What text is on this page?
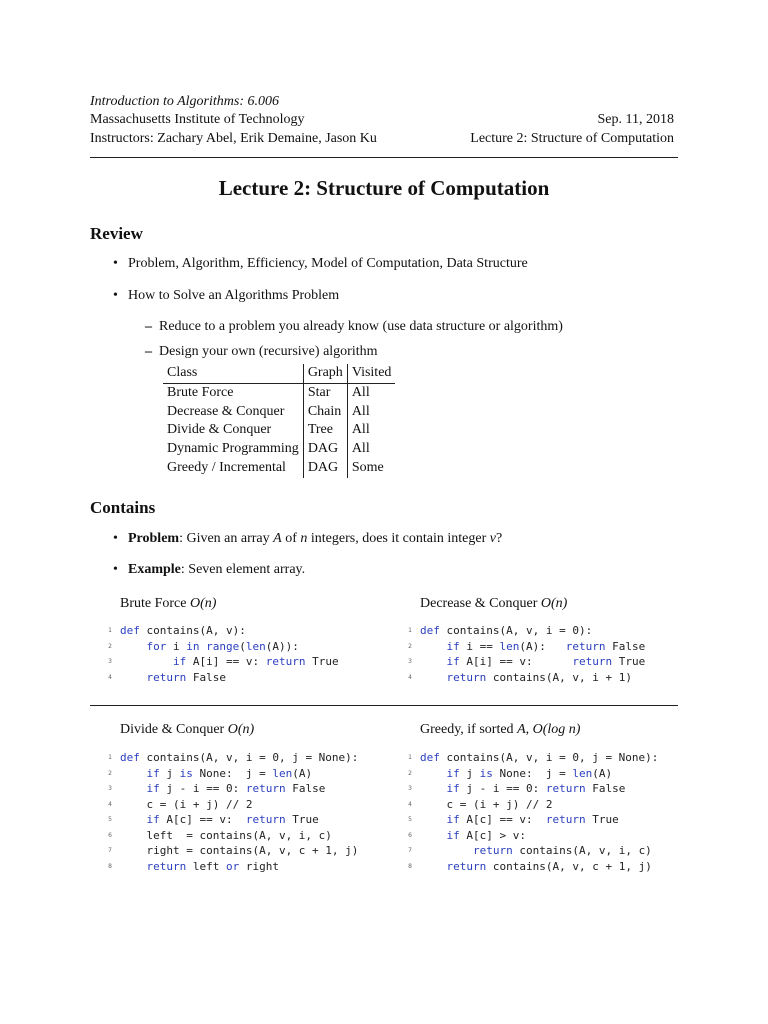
Introduction to Algorithms: 6.006
Massachusetts Institute of Technology
Instructors: Zachary Abel, Erik Demaine, Jason Ku
Sep. 11, 2018
Lecture 2: Structure of Computation
Lecture 2: Structure of Computation
Review
• Problem, Algorithm, Efficiency, Model of Computation, Data Structure
• How to Solve an Algorithms Problem
– Reduce to a problem you already know (use data structure or algorithm)
– Design your own (recursive) algorithm
Class	Graph	Visited
Brute Force	Star	All
Decrease & Conquer	Chain	All
Divide & Conquer	Tree	All
Dynamic Programming	DAG	All
Greedy / Incremental	DAG	Some
Contains
• Problem: Given an array A of n integers, does it contain integer v?
• Example: Seven element array.
Brute Force O(n)	Decrease & Conquer O(n)
Divide & Conquer O(n)	Greedy, if sorted A, O(log n)
1 def contains(A, v):
2	for i in range(len(A)):
3	if A[i] == v: return True
4	return False
1 def contains(A, v, i = 0):
2	if i == len(A):   return False
3	if A[i] == v:      return True
4	return contains(A, v, i + 1)
1 def contains(A, v, i = 0, j = None):
2	if j is None:  j = len(A)
3	if j - i == 0: return False
4 c = (i + j) // 2
5	if A[c] == v:  return True
6 left  = contains(A, v, i, c)
7 right = contains(A, v, c + 1, j)
8	return left or right
1 def contains(A, v, i = 0, j = None):
2	if j is None:  j = len(A)
3	if j - i == 0: return False
4 c = (i + j) // 2
5	if A[c] == v:  return True
6	if A[c] > v:
7	return contains(A, v, i, c)
8	return contains(A, v, c + 1, j)
